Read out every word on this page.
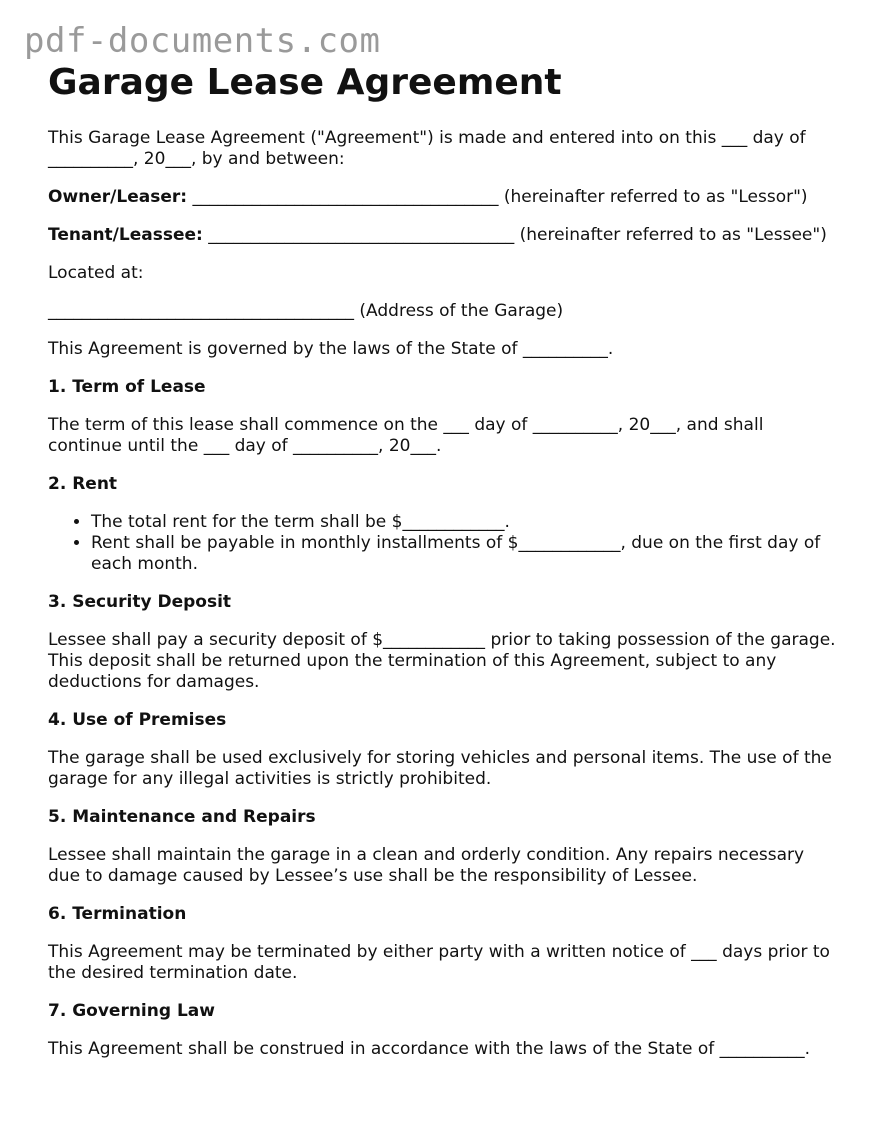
pdf-documents.com
Garage Lease Agreement

This Garage Lease Agreement ("Agreement") is made and entered into on this ___ day of __________, 20___, by and between:

Owner/Leaser: ____________________________________ (hereinafter referred to as "Lessor")

Tenant/Leassee: ____________________________________ (hereinafter referred to as "Lessee")

Located at:

____________________________________ (Address of the Garage)

This Agreement is governed by the laws of the State of __________.

1. Term of Lease

The term of this lease shall commence on the ___ day of __________, 20___, and shall continue until the ___ day of __________, 20___.

2. Rent
• The total rent for the term shall be $____________.
• Rent shall be payable in monthly installments of $____________, due on the first day of each month.
3. Security Deposit

Lessee shall pay a security deposit of $____________ prior to taking possession of the garage. This deposit shall be returned upon the termination of this Agreement, subject to any deductions for damages.

4. Use of Premises

The garage shall be used exclusively for storing vehicles and personal items. The use of the garage for any illegal activities is strictly prohibited.

5. Maintenance and Repairs

Lessee shall maintain the garage in a clean and orderly condition. Any repairs necessary due to damage caused by Lessee’s use shall be the responsibility of Lessee.

6. Termination

This Agreement may be terminated by either party with a written notice of ___ days prior to the desired termination date.

7. Governing Law

This Agreement shall be construed in accordance with the laws of the State of __________.
